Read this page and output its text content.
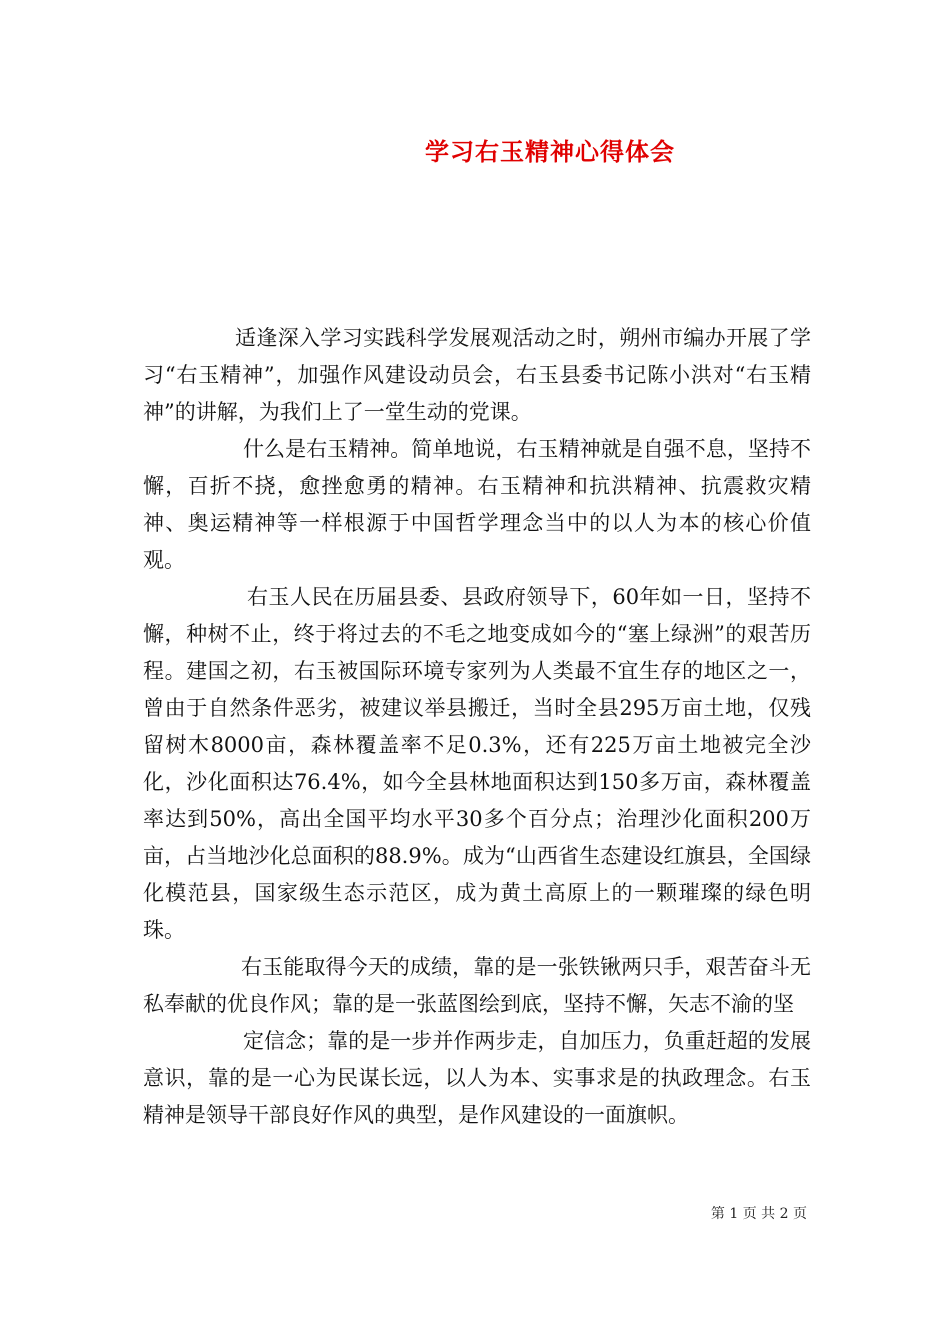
学习右玉精神心得体会

适逢深入学习实践科学发展观活动之时，朔州市编办开展了学习“右玉精神”，加强作风建设动员会，右玉县委书记陈小洪对“右玉精神”的讲解，为我们上了一堂生动的党课。

什么是右玉精神。简单地说，右玉精神就是自强不息，坚持不懈，百折不挠，愈挫愈勇的精神。右玉精神和抗洪精神、抗震救灾精神、奥运精神等一样根源于中国哲学理念当中的以人为本的核心价值观。

右玉人民在历届县委、县政府领导下，60年如一日，坚持不懈，种树不止，终于将过去的不毛之地变成如今的“塞上绿洲”的艰苦历程。建国之初，右玉被国际环境专家列为人类最不宜生存的地区之一，曾由于自然条件恶劣，被建议举县搬迁，当时全县295万亩土地，仅残留树木8000亩，森林覆盖率不足0.3%，还有225万亩土地被完全沙化，沙化面积达76.4%，如今全县林地面积达到150多万亩，森林覆盖率达到50%，高出全国平均水平30多个百分点；治理沙化面积200万亩，占当地沙化总面积的88.9%。成为“山西省生态建设红旗县，全国绿化模范县，国家级生态示范区，成为黄土高原上的一颗璀璨的绿色明珠。

右玉能取得今天的成绩，靠的是一张铁锹两只手，艰苦奋斗无私奉献的优良作风；靠的是一张蓝图绘到底，坚持不懈，矢志不渝的坚

定信念；靠的是一步并作两步走，自加压力，负重赶超的发展意识，靠的是一心为民谋长远，以人为本、实事求是的执政理念。右玉精神是领导干部良好作风的典型，是作风建设的一面旗帜。

第 1 页 共 2 页
